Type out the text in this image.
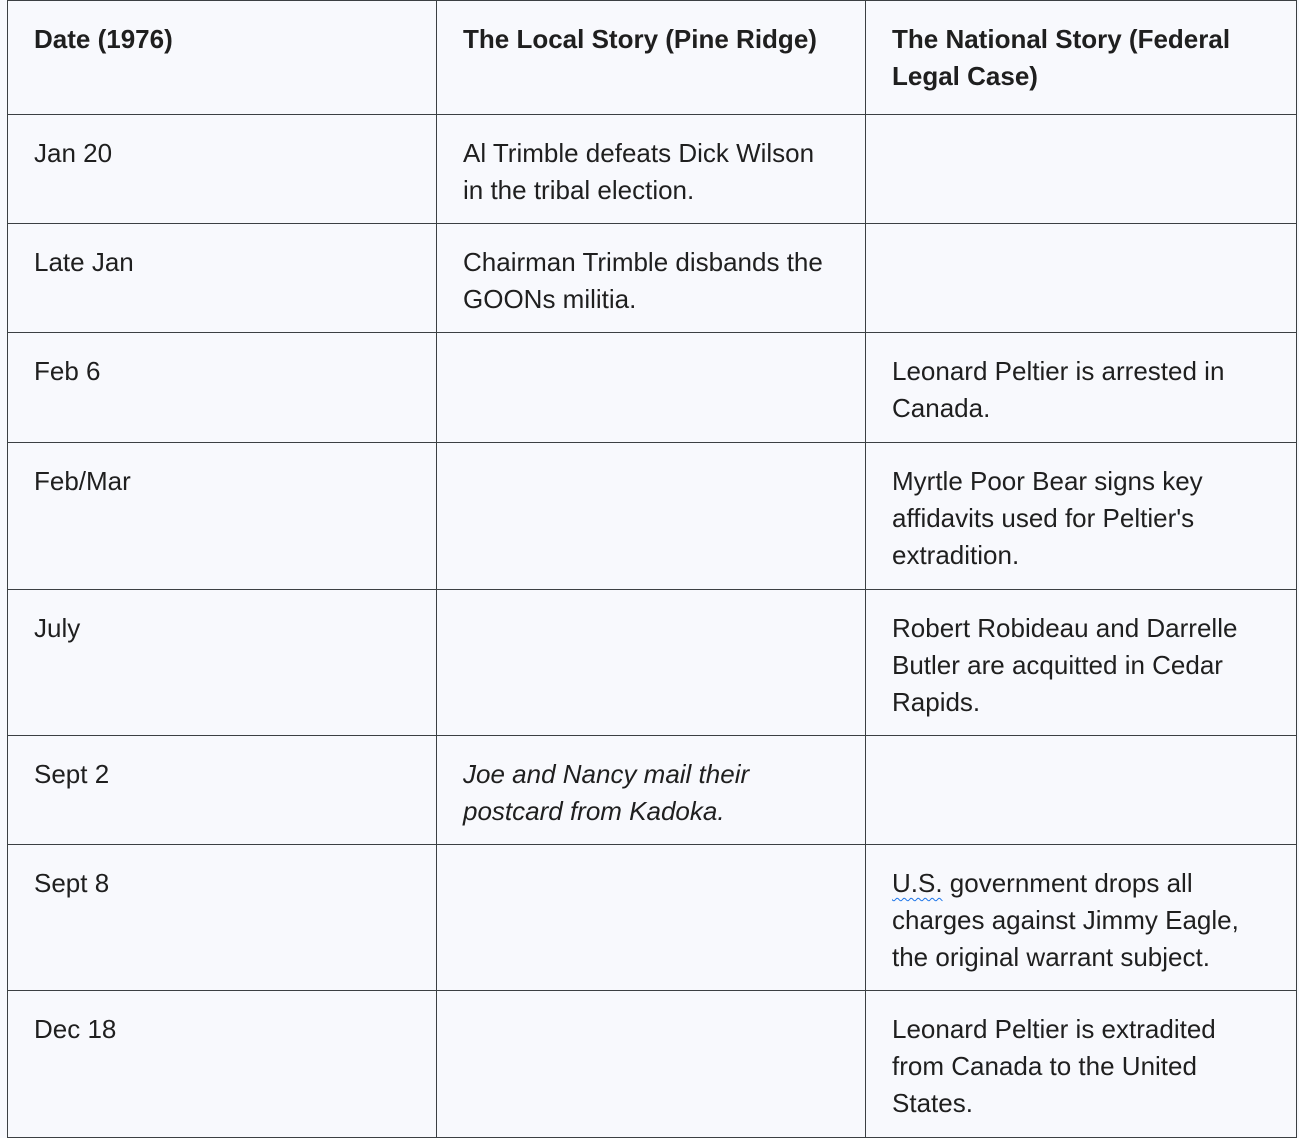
Date (1976)	The Local Story (Pine Ridge)	The National Story (Federal Legal Case)
Jan 20	Al Trimble defeats Dick Wilson in the tribal election.	
Late Jan	Chairman Trimble disbands the GOONs militia.	
Feb 6		Leonard Peltier is arrested in Canada.
Feb/Mar		Myrtle Poor Bear signs key affidavits used for Peltier's extradition.
July		Robert Robideau and Darrelle Butler are acquitted in Cedar Rapids.
Sept 2	Joe and Nancy mail their postcard from Kadoka.	
Sept 8		U.S. government drops all charges against Jimmy Eagle, the original warrant subject.
Dec 18		Leonard Peltier is extradited from Canada to the United States.
